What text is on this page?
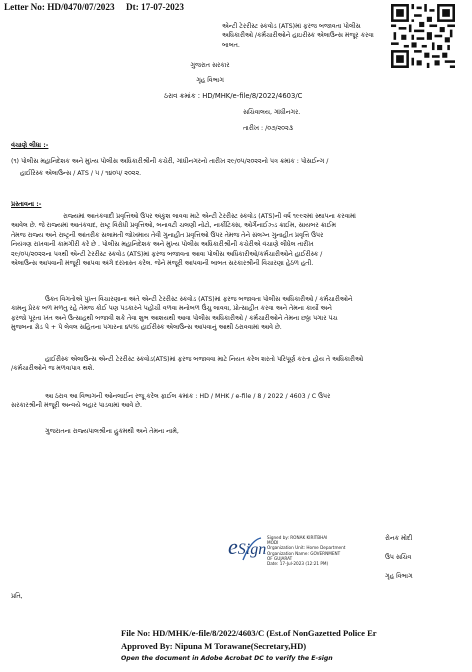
Letter No: HD/0470/07/2023 Dt: 17-07-2023
એન્ટી ટેરરીસ્ટ સ્કવોડ (ATS)માં ફરજ બજાવતા પોલીસ
અધિકારીઓ /કર્મચારીઓને હાઇરીસ્ક એલાઉન્સ મંજૂર કરવા
બાબત.
ગુજરાત સરકાર
ગૃહ વિભાગ
ઠરાવ ક્રમાંક : HD/MHK/e-file/8/2022/4603/C
સચિવાલય, ગાંધીનગર.
તારીખ : /૦૭/૨૦૨૩
વંચાણે લીધા :-
(૧) પોલીસ મહાનિદેશક અને મુખ્ય પોલીસ અધિકારીશ્રીની કચેરી, ગાંધીનગરનો તારીખ ૨૯/૦૫/૨૦૨૨નો પત્ર ક્રમાંક : પોસઈન્ગ /
હાઈરિસ્ક એલાઉન્સ / ATS / ૫ / ૧૪૦૫/ ૨૦૨૨.
પ્રસ્તાવના :-
રાજ્યમાં આતંકવાદી પ્રવૃત્તિઓ ઉપર અંકુશ લાવવા માટે એન્ટી ટેરરીસ્ટ સ્કવોડ (ATS)ની વર્ષ ૧૯૯૨માં સ્થાપના કરવામાં
આવેલ છે. જે રાજ્યમાં આતંકવાદ, રાષ્ટ્ર વિરોધી પ્રવૃત્તિઓ, બનાવટી ચલણી નોટો, નાર્કોટિક્સ, ઓર્ગેનાઈઝ્ડ ક્રાઈમ, સાયબર ક્રાઈમ
તેમજ રાજ્ય અને રાષ્ટ્રની આંતરીક સલામતી જોખમાય તેવી ગુનાહીત પ્રવૃત્તિઓ ઉપર તેમજ તેને સંલગ્ન ગુનાહીત પ્રવૃત્તિ ઉપર
નિયંત્રણ રાખવાની કામગીરી કરે છે . પોલીસ મહાનિદેશક અને મુખ્ય પોલીસ અધિકારીશ્રીની કચેરીએ વંચાણે લીધેલ તારીખ
૨૯/૦૫/૨૦૨૨ના પત્રથી એન્ટી ટેરરીસ્ટ સ્કવોડ (ATS)માં ફરજ બજાવતા આવા પોલીસ અધિકારીઓ/કર્મચારીઓને હાઈરીસ્ક /
એલાઉન્સ આપવાની મંજૂરી આપવા અંગે દરખાસ્ત કરેલ. જેને મંજૂરી આપવાની બાબત સરકારશ્રીની વિચારણા હેઠળ હતી.
ઉક્ત વિગતોએ પુખ્ત વિચારણાના અંતે એન્ટી ટેરરીસ્ટ સ્કવોડ (ATS)માં ફરજ બજાવતા પોલીસ અધિકારીઓ / કર્મચારીઓને
કામનુ પ્રેરક બળ મળતુ રહે તેમજ કોઈ પણ પડકારને પહોંચી વળવા મનોબળ ઉંચુ લાવવા, પ્રોત્સાહીત કરવા અને તેમના કાર્યો અને
ફરજો પૂરતા ખંત અને ઉત્સાહથી બજાવી શકે તેવા શુભ આશયથી આવા પોલીસ અધિકારીઓ / કર્મચારીઓને તેમના છઠ્ઠા પગાર પંચ
મુજબના ગ્રેડ પે + પે લેવલ સહિતના પગારના ૪૫% હાઈરીસ્ક એલાઉન્સ આપવાનું આથી ઠરાવવામાં આવે છે.
હાઈરીસ્ક એલાઉન્સ એન્ટી ટેરરીસ્ટ સ્કવોડ(ATS)માં ફરજ બજાવવા માટે નિયત કરેલ શરતો પરિપૂર્ણ કરતા હોય તે અધિકારીઓ
/કર્મચારીઓને જ મળવાપાત્ર થશે.
આ ઠરાવ આ વિભાગની ઓનલાઈન રજૂ કરેલ ફાઈલ ક્રમાંક : HD / MHK / e-file / 8 / 2022 / 4603 / C ઉપર
સરકારશ્રીની મંજૂરી અન્વયે બહાર પાડવામાં આવે છે.
ગુજરાતના રાજ્યપાલશ્રીના હુકમથી અને તેમના નામે,
eSign
Signed by: RONAK KIRITBHAI
MODI
Organization Unit: Home Department
Organization Name: GOVERNMENT
OF GUJARAT
Date: 17-Jul-2023 (12:21 PM)
રોનક મોદી
ઉપ સચિવ
ગૃહ વિભાગ
પ્રતિ,
File No: HD/MHK/e-file/8/2022/4603/C (Est.of NonGazetted Police Er
Approved By: Nipuna M Torawane(Secretary,HD)
Open the document in Adobe Acrobat DC to verify the E-sign
